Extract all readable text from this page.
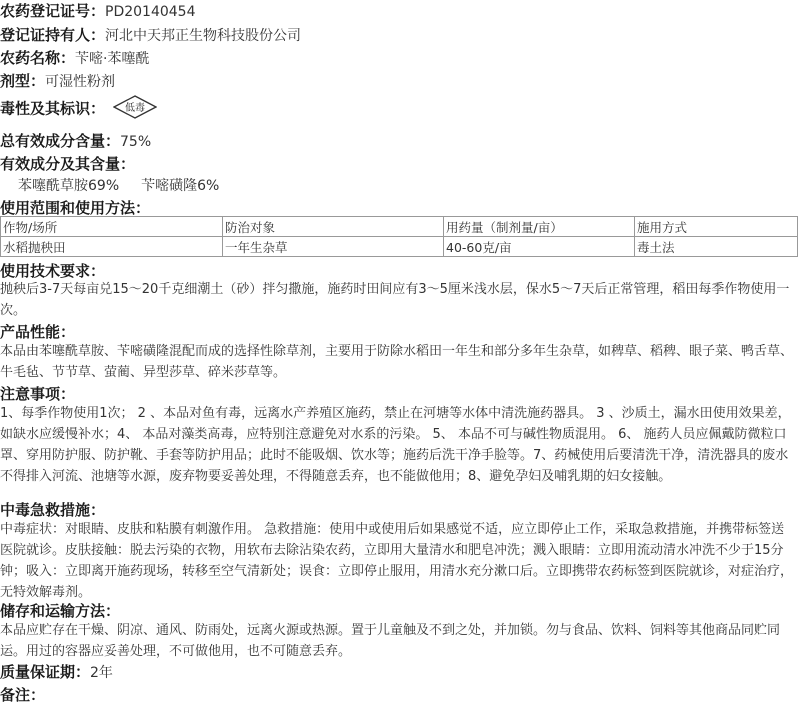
农药登记证号：PD20140454
登记证持有人：河北中天邦正生物科技股份公司
农药名称：苄嘧·苯噻酰
剂型：可湿性粉剂
毒性及其标识： 低毒
总有效成分含量：75%
有效成分及其含量：
苯噻酰草胺69% 苄嘧磺隆6%
使用范围和使用方法：
作物/场所	防治对象	用药量（制剂量/亩）	施用方式
水稻抛秧田	一年生杂草	40-60克/亩	毒土法
使用技术要求：
抛秧后3-7天每亩兑15～20千克细潮土（砂）拌匀撒施，施药时田间应有3～5厘米浅水层，保水5～7天后正常管理，稻田每季作物使用一次。
产品性能：
本品由苯噻酰草胺、苄嘧磺隆混配而成的选择性除草剂，主要用于防除水稻田一年生和部分多年生杂草，如稗草、稻稗、眼子菜、鸭舌草、牛毛毡、节节草、萤蔺、异型莎草、碎米莎草等。
注意事项：
1、每季作物使用1次； 2 、本品对鱼有毒，远离水产养殖区施药，禁止在河塘等水体中清洗施药器具。 3 、沙质土，漏水田使用效果差，如缺水应缓慢补水；4、 本品对藻类高毒，应特别注意避免对水系的污染。 5、 本品不可与碱性物质混用。 6、 施药人员应佩戴防微粒口罩、穿用防护服、防护靴、手套等防护用品；此时不能吸烟、饮水等；施药后洗干净手脸等。7、药械使用后要清洗干净，清洗器具的废水不得排入河流、池塘等水源，废弃物要妥善处理，不得随意丢弃，也不能做他用；8、避免孕妇及哺乳期的妇女接触。
中毒急救措施：
中毒症状：对眼睛、皮肤和粘膜有刺激作用。 急救措施：使用中或使用后如果感觉不适，应立即停止工作，采取急救措施，并携带标签送医院就诊。皮肤接触：脱去污染的衣物，用软布去除沾染农药，立即用大量清水和肥皂冲洗；溅入眼睛：立即用流动清水冲洗不少于15分钟；吸入：立即离开施药现场，转移至空气清新处；误食：立即停止服用，用清水充分漱口后。立即携带农药标签到医院就诊，对症治疗，无特效解毒剂。
储存和运输方法：
本品应贮存在干燥、阴凉、通风、防雨处，远离火源或热源。置于儿童触及不到之处，并加锁。勿与食品、饮料、饲料等其他商品同贮同运。用过的容器应妥善处理，不可做他用，也不可随意丢弃。
质量保证期：2年
备注：
